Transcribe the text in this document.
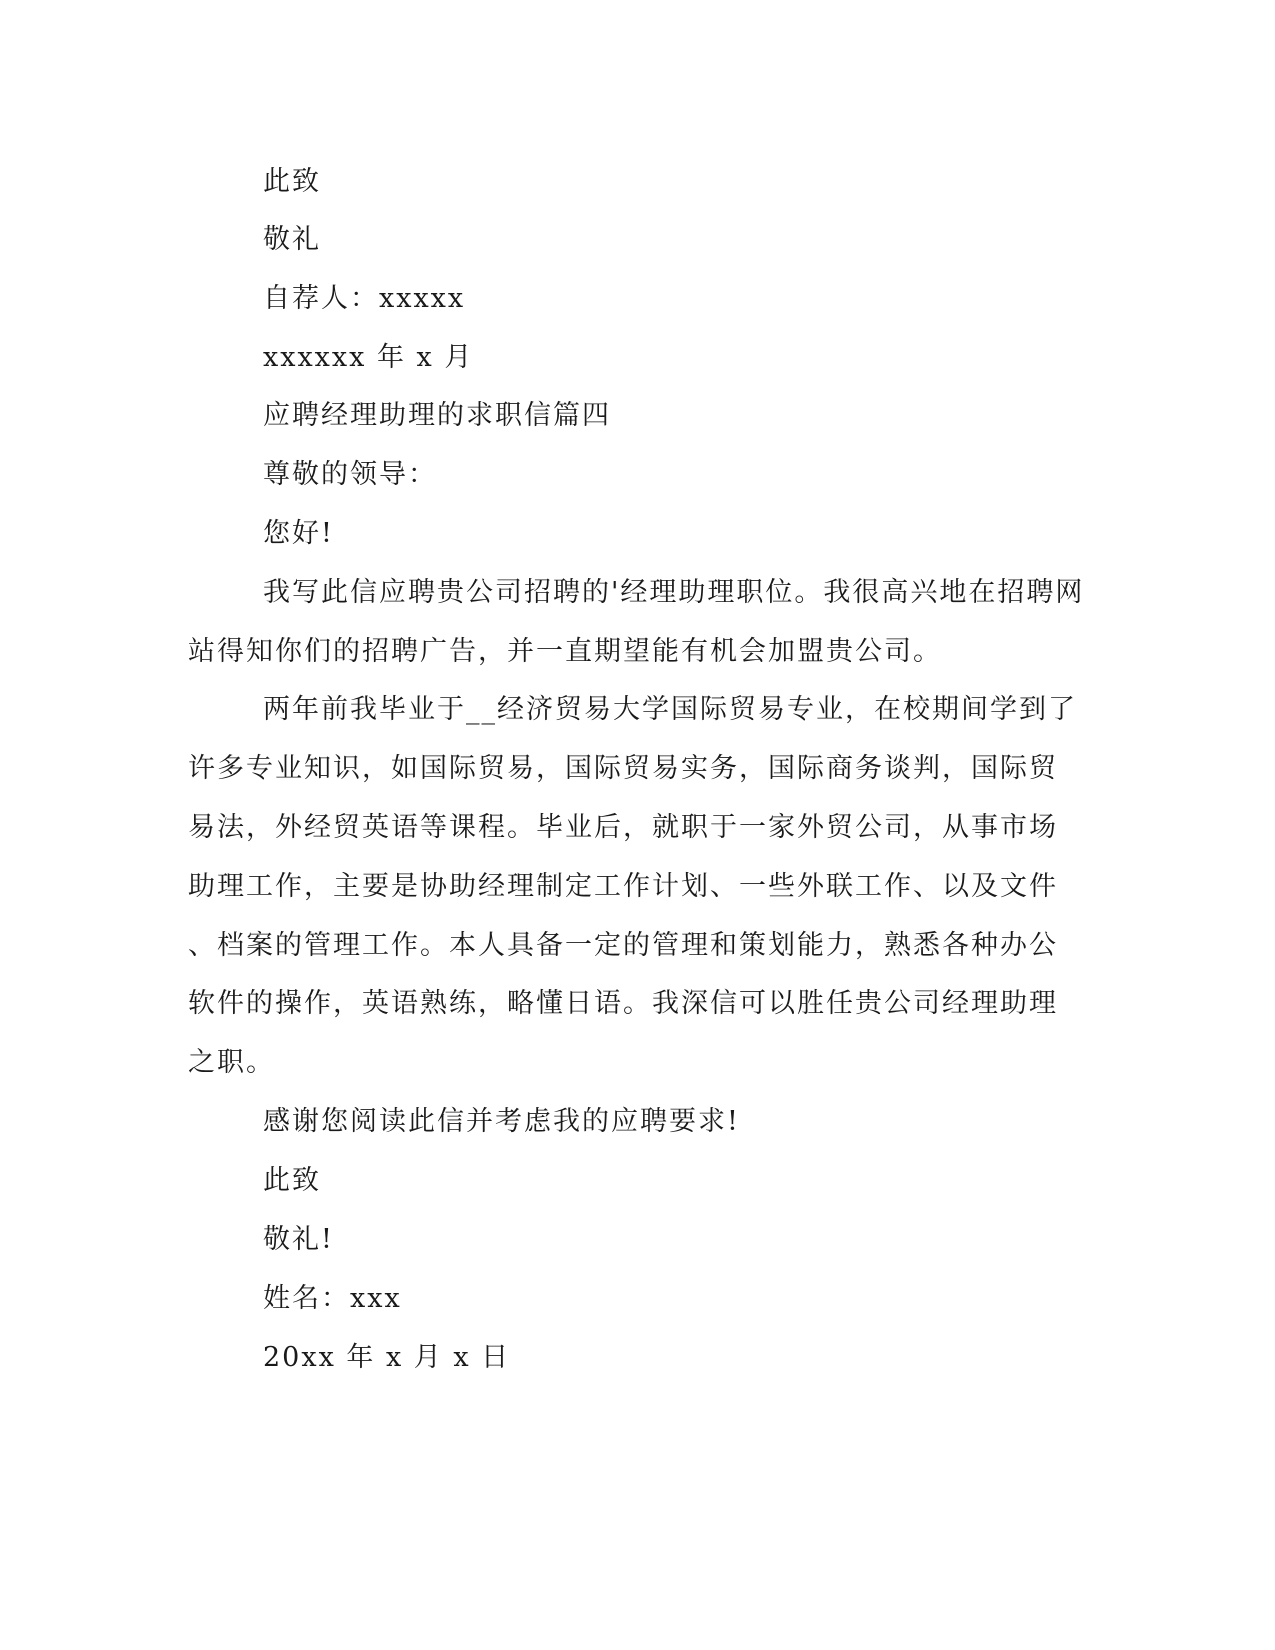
此致
敬礼
自荐人：xxxxx
xxxxxx 年 x 月
应聘经理助理的求职信篇四
尊敬的领导：
您好!
我写此信应聘贵公司招聘的'经理助理职位。我很高兴地在招聘网
站得知你们的招聘广告，并一直期望能有机会加盟贵公司。
两年前我毕业于__经济贸易大学国际贸易专业，在校期间学到了
许多专业知识，如国际贸易，国际贸易实务，国际商务谈判，国际贸
易法，外经贸英语等课程。毕业后，就职于一家外贸公司，从事市场
助理工作，主要是协助经理制定工作计划、一些外联工作、以及文件
、档案的管理工作。本人具备一定的管理和策划能力，熟悉各种办公
软件的操作，英语熟练，略懂日语。我深信可以胜任贵公司经理助理
之职。
感谢您阅读此信并考虑我的应聘要求!
此致
敬礼!
姓名：xxx
20xx 年 x 月 x 日
